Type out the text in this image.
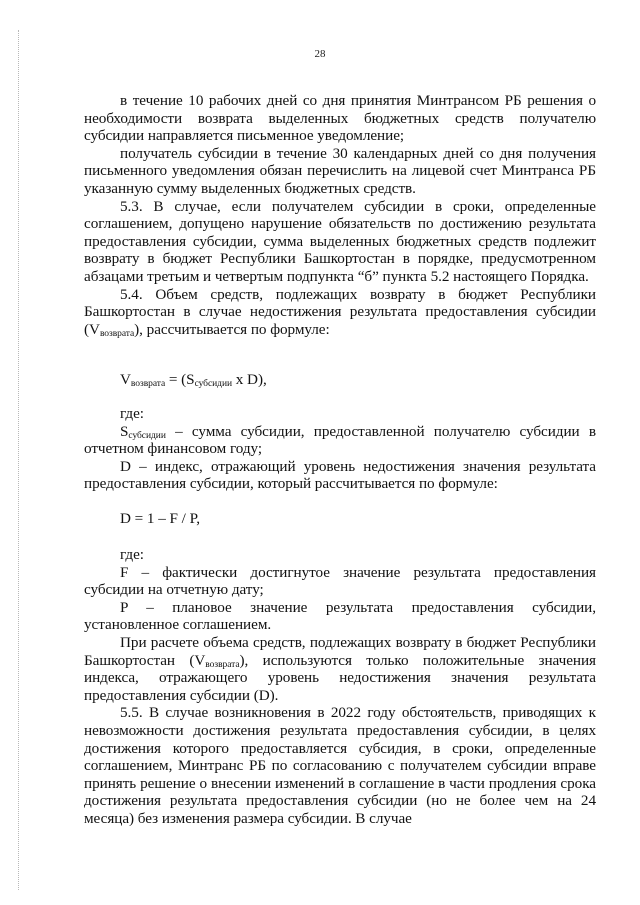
28

в течение 10 рабочих дней со дня принятия Минтрансом РБ решения о необходимости возврата выделенных бюджетных средств получателю субсидии направляется письменное уведомление;

получатель субсидии в течение 30 календарных дней со дня получения письменного уведомления обязан перечислить на лицевой счет Минтранса РБ указанную сумму выделенных бюджетных средств.

5.3. В случае, если получателем субсидии в сроки, определенные соглашением, допущено нарушение обязательств по достижению результата предоставления субсидии, сумма выделенных бюджетных средств подлежит возврату в бюджет Республики Башкортостан в порядке, предусмотренном абзацами третьим и четвертым подпункта “б” пункта 5.2 настоящего Порядка.

5.4. Объем средств, подлежащих возврату в бюджет Республики Башкортостан в случае недостижения результата предоставления субсидии $(V_{возврата})$, рассчитывается по формуле:

$V_{возврата} = (S_{субсидии}$ x D),

где:

$S_{субсидии}$ – сумма субсидии, предоставленной получателю субсидии в отчетном финансовом году;

D – индекс, отражающий уровень недостижения значения результата предоставления субсидии, который рассчитывается по формуле:

D = 1 – F / P,

где:

F – фактически достигнутое значение результата предоставления субсидии на отчетную дату;

P – плановое значение результата предоставления субсидии, установленное соглашением.

При расчете объема средств, подлежащих возврату в бюджет Республики Башкортостан $(V_{возврата})$, используются только положительные значения индекса, отражающего уровень недостижения значения результата предоставления субсидии (D).

5.5. В случае возникновения в 2022 году обстоятельств, приводящих к невозможности достижения результата предоставления субсидии, в целях достижения которого предоставляется субсидия, в сроки, определенные соглашением, Минтранс РБ по согласованию с получателем субсидии вправе принять решение о внесении изменений в соглашение в части продления срока достижения результата предоставления субсидии (но не более чем на 24 месяца) без изменения размера субсидии. В случае
